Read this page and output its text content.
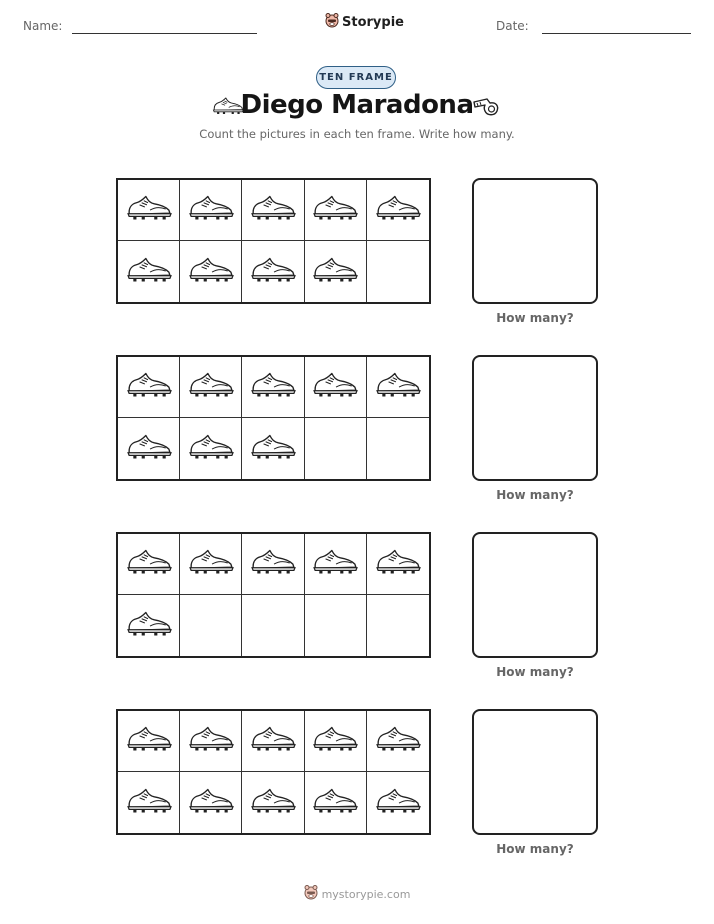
Name:	Storypie	Date:
TEN FRAME
Diego Maradona
Count the pictures in each ten frame. Write how many.
How many?
How many?
How many?
How many?
mystorypie.com
